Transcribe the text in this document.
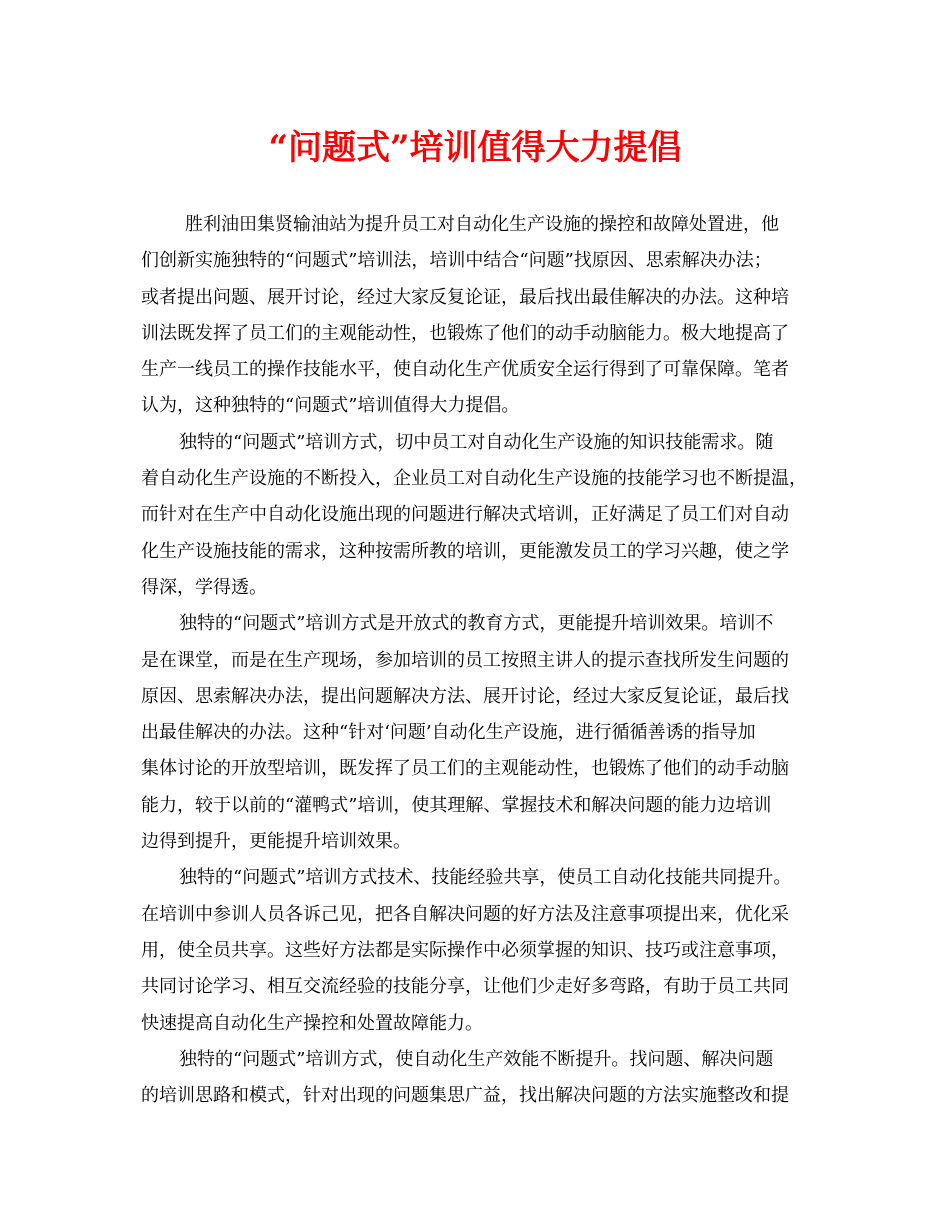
“问题式”培训值得大力提倡

胜利油田集贤输油站为提升员工对自动化生产设施的操控和故障处置进，他
们创新实施独特的“问题式”培训法，培训中结合“问题”找原因、思索解决办法；
或者提出问题、展开讨论，经过大家反复论证，最后找出最佳解决的办法。这种培
训法既发挥了员工们的主观能动性，也锻炼了他们的动手动脑能力。极大地提高了
生产一线员工的操作技能水平，使自动化生产优质安全运行得到了可靠保障。笔者
认为，这种独特的“问题式”培训值得大力提倡。

独特的“问题式”培训方式，切中员工对自动化生产设施的知识技能需求。随
着自动化生产设施的不断投入，企业员工对自动化生产设施的技能学习也不断提温，
而针对在生产中自动化设施出现的问题进行解决式培训，正好满足了员工们对自动
化生产设施技能的需求，这种按需所教的培训，更能激发员工的学习兴趣，使之学
得深，学得透。

独特的“问题式”培训方式是开放式的教育方式，更能提升培训效果。培训不
是在课堂，而是在生产现场，参加培训的员工按照主讲人的提示查找所发生问题的
原因、思索解决办法，提出问题解决方法、展开讨论，经过大家反复论证，最后找
出最佳解决的办法。这种“针对‘问题’自动化生产设施，进行循循善诱的指导加
集体讨论的开放型培训，既发挥了员工们的主观能动性，也锻炼了他们的动手动脑
能力，较于以前的“灌鸭式”培训，使其理解、掌握技术和解决问题的能力边培训
边得到提升，更能提升培训效果。

独特的“问题式”培训方式技术、技能经验共享，使员工自动化技能共同提升。
在培训中参训人员各诉己见，把各自解决问题的好方法及注意事项提出来，优化采
用，使全员共享。这些好方法都是实际操作中必须掌握的知识、技巧或注意事项，
共同讨论学习、相互交流经验的技能分享，让他们少走好多弯路，有助于员工共同
快速提高自动化生产操控和处置故障能力。

独特的“问题式”培训方式，使自动化生产效能不断提升。找问题、解决问题
的培训思路和模式，针对出现的问题集思广益，找出解决问题的方法实施整改和提
